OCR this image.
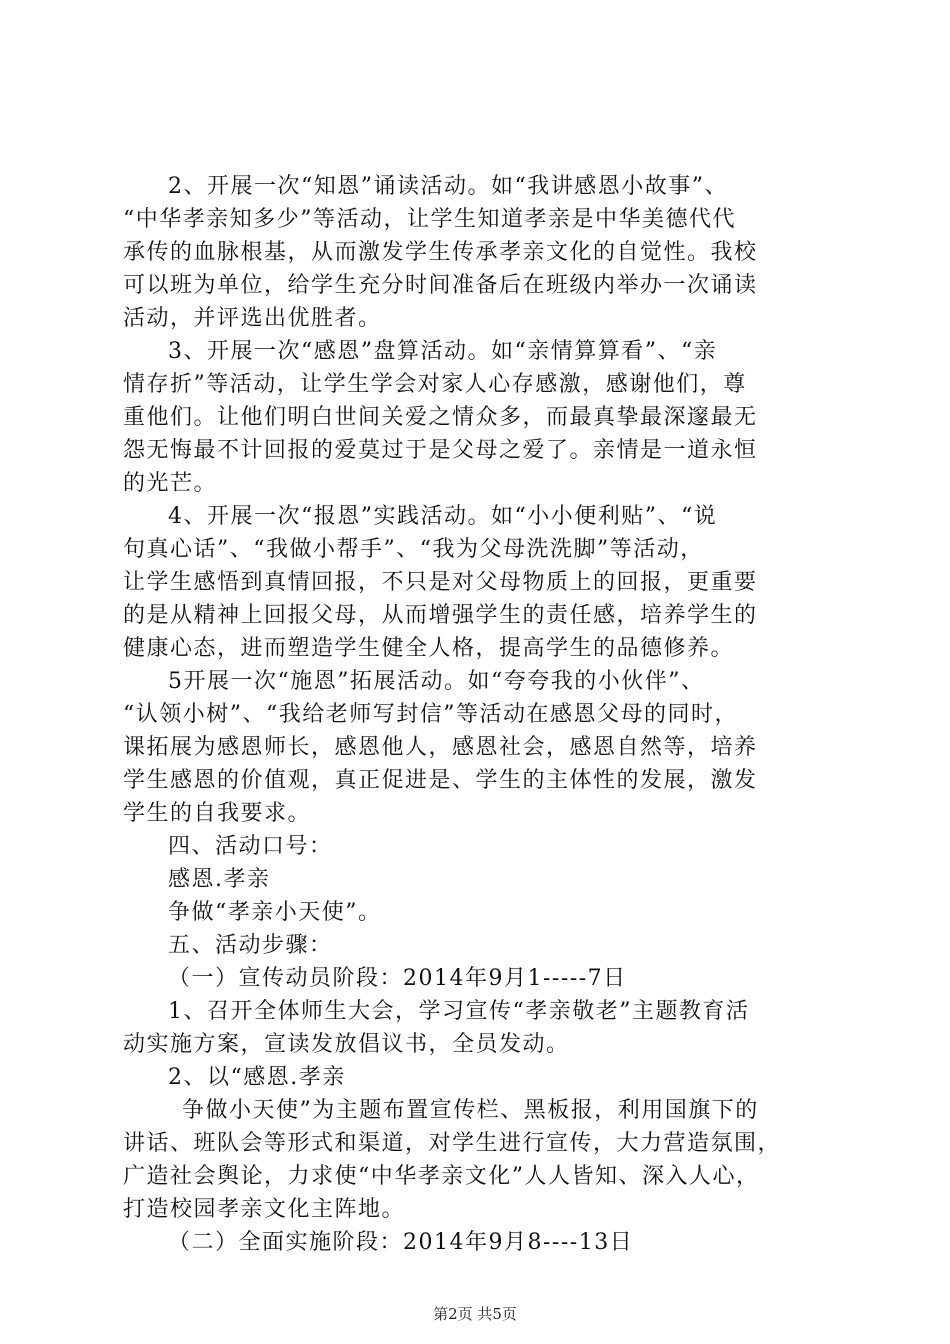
2、开展一次“知恩”诵读活动。如“我讲感恩小故事”、
“中华孝亲知多少”等活动，让学生知道孝亲是中华美德代代
承传的血脉根基，从而激发学生传承孝亲文化的自觉性。我校
可以班为单位，给学生充分时间准备后在班级内举办一次诵读
活动，并评选出优胜者。
3、开展一次“感恩”盘算活动。如“亲情算算看”、“亲
情存折”等活动，让学生学会对家人心存感激，感谢他们，尊
重他们。让他们明白世间关爱之情众多，而最真挚最深邃最无
怨无悔最不计回报的爱莫过于是父母之爱了。亲情是一道永恒
的光芒。
4、开展一次“报恩”实践活动。如“小小便利贴”、“说
句真心话”、“我做小帮手”、“我为父母洗洗脚”等活动，
让学生感悟到真情回报，不只是对父母物质上的回报，更重要
的是从精神上回报父母，从而增强学生的责任感，培养学生的
健康心态，进而塑造学生健全人格，提高学生的品德修养。
5开展一次“施恩”拓展活动。如“夸夸我的小伙伴”、
“认领小树”、“我给老师写封信”等活动在感恩父母的同时，
课拓展为感恩师长，感恩他人，感恩社会，感恩自然等，培养
学生感恩的价值观，真正促进是、学生的主体性的发展，激发
学生的自我要求。
四、活动口号：
感恩.孝亲
争做“孝亲小天使”。
五、活动步骤：
（一）宣传动员阶段：2014年9月1-----7日
1、召开全体师生大会，学习宣传“孝亲敬老”主题教育活
动实施方案，宣读发放倡议书，全员发动。
2、以“感恩.孝亲
争做小天使”为主题布置宣传栏、黑板报，利用国旗下的
讲话、班队会等形式和渠道，对学生进行宣传，大力营造氛围，
广造社会舆论，力求使“中华孝亲文化”人人皆知、深入人心，
打造校园孝亲文化主阵地。
（二）全面实施阶段：2014年9月8----13日
第2页 共5页
